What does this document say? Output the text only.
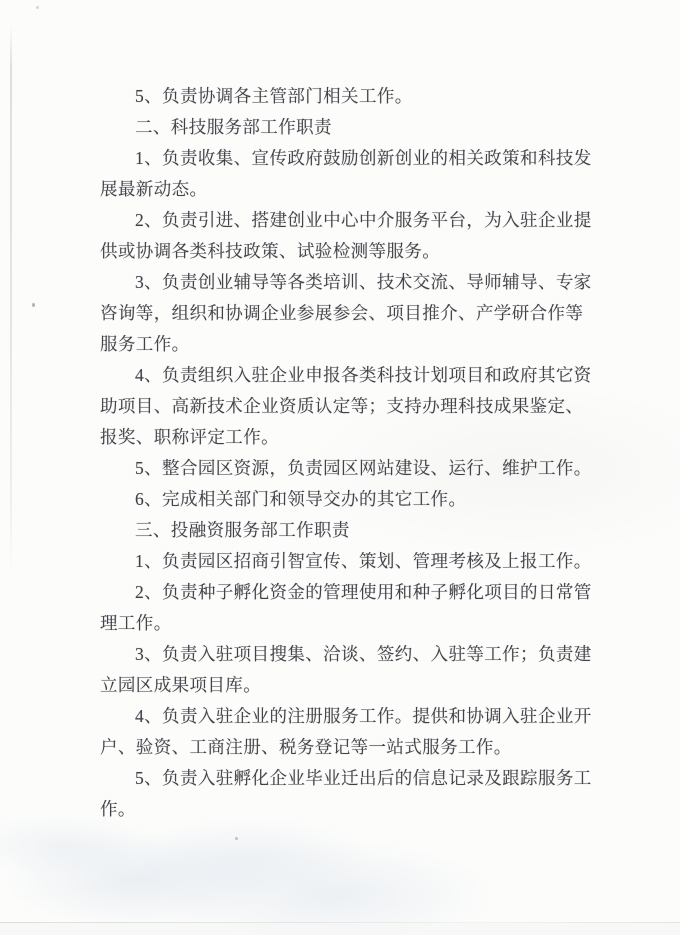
5、负责协调各主管部门相关工作。
二、科技服务部工作职责
1、负责收集、宣传政府鼓励创新创业的相关政策和科技发
展最新动态。
2、负责引进、搭建创业中心中介服务平台，为入驻企业提
供或协调各类科技政策、试验检测等服务。
3、负责创业辅导等各类培训、技术交流、导师辅导、专家
咨询等，组织和协调企业参展参会、项目推介、产学研合作等
服务工作。
4、负责组织入驻企业申报各类科技计划项目和政府其它资
助项目、高新技术企业资质认定等；支持办理科技成果鉴定、
报奖、职称评定工作。
5、整合园区资源，负责园区网站建设、运行、维护工作。
6、完成相关部门和领导交办的其它工作。
三、投融资服务部工作职责
1、负责园区招商引智宣传、策划、管理考核及上报工作。
2、负责种子孵化资金的管理使用和种子孵化项目的日常管
理工作。
3、负责入驻项目搜集、洽谈、签约、入驻等工作；负责建
立园区成果项目库。
4、负责入驻企业的注册服务工作。提供和协调入驻企业开
户、验资、工商注册、税务登记等一站式服务工作。
5、负责入驻孵化企业毕业迁出后的信息记录及跟踪服务工
作。
